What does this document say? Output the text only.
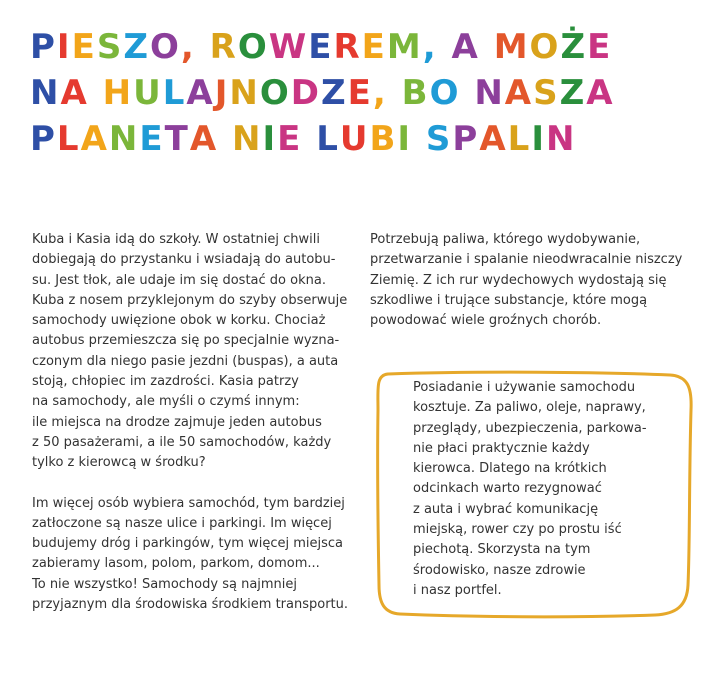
PIESZO, ROWEREM, A MOŻE
NA HULAJNODZE, BO NASZA
PLANETA NIE LUBI SPALIN

Kuba i Kasia idą do szkoły. W ostatniej chwili

dobiegają do przystanku i wsiadają do autobu-

su. Jest tłok, ale udaje im się dostać do okna.

Kuba z nosem przyklejonym do szyby obserwuje

samochody uwięzione obok w korku. Chociaż

autobus przemieszcza się po specjalnie wyzna-

czonym dla niego pasie jezdni (buspas), a auta

stoją, chłopiec im zazdrości. Kasia patrzy

na samochody, ale myśli o czymś innym:

ile miejsca na drodze zajmuje jeden autobus

z 50 pasażerami, a ile 50 samochodów, każdy

tylko z kierowcą w środku?

Im więcej osób wybiera samochód, tym bardziej

zatłoczone są nasze ulice i parkingi. Im więcej

budujemy dróg i parkingów, tym więcej miejsca

zabieramy lasom, polom, parkom, domom...

To nie wszystko! Samochody są najmniej

przyjaznym dla środowiska środkiem transportu.

Potrzebują paliwa, którego wydobywanie,

przetwarzanie i spalanie nieodwracalnie niszczy

Ziemię. Z ich rur wydechowych wydostają się

szkodliwe i trujące substancje, które mogą

powodować wiele groźnych chorób.

Posiadanie i używanie samochodu

kosztuje. Za paliwo, oleje, naprawy,

przeglądy, ubezpieczenia, parkowa-

nie płaci praktycznie każdy

kierowca. Dlatego na krótkich

odcinkach warto rezygnować

z auta i wybrać komunikację

miejską, rower czy po prostu iść

piechotą. Skorzysta na tym

środowisko, nasze zdrowie

i nasz portfel.
